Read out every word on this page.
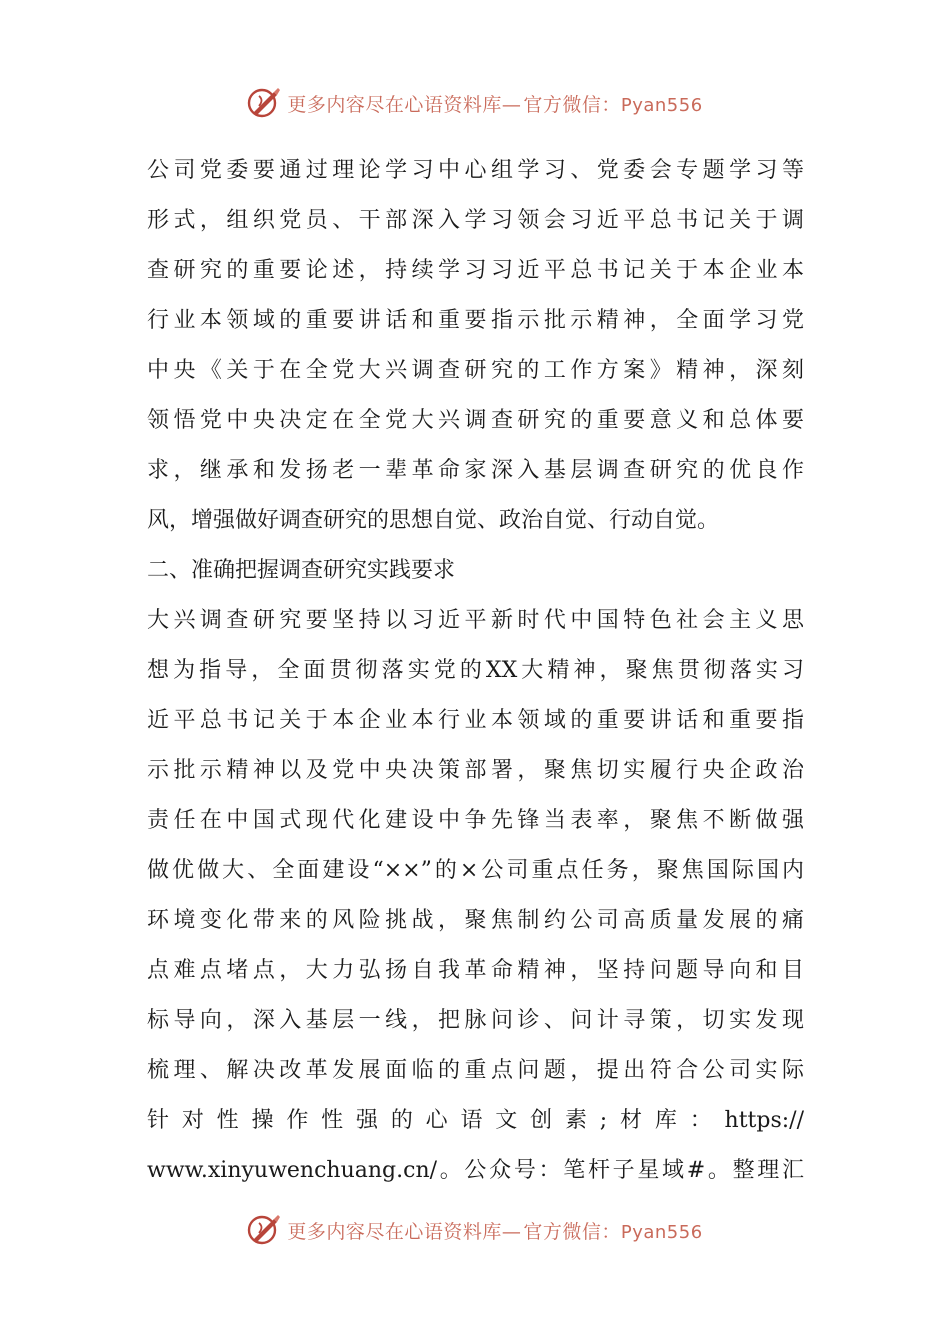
更多内容尽在心语资料库— 官方微信：Pyan556
公司党委要通过理论学习中心组学习、党委会专题学习等
形式，组织党员、干部深入学习领会习近平总书记关于调
查研究的重要论述，持续学习习近平总书记关于本企业本
行业本领域的重要讲话和重要指示批示精神，全面学习党
中央《关于在全党大兴调查研究的工作方案》精神，深刻
领悟党中央决定在全党大兴调查研究的重要意义和总体要
求，继承和发扬老一辈革命家深入基层调查研究的优良作
风，增强做好调查研究的思想自觉、政治自觉、行动自觉。
二、准确把握调查研究实践要求
大兴调查研究要坚持以习近平新时代中国特色社会主义思
想为指导，全面贯彻落实党的XX大精神，聚焦贯彻落实习
近平总书记关于本企业本行业本领域的重要讲话和重要指
示批示精神以及党中央决策部署，聚焦切实履行央企政治
责任在中国式现代化建设中争先锋当表率，聚焦不断做强
做优做大、全面建设“××”的×公司重点任务，聚焦国际国内
环境变化带来的风险挑战，聚焦制约公司高质量发展的痛
点难点堵点，大力弘扬自我革命精神，坚持问题导向和目
标导向，深入基层一线，把脉问诊、问计寻策，切实发现
梳理、解决改革发展面临的重点问题，提出符合公司实际
针对性操作性强的心语文创素;材库：https://
www.xinyuwenchuang.cn/。公众号：笔杆子星域#。整理汇
更多内容尽在心语资料库— 官方微信：Pyan556
